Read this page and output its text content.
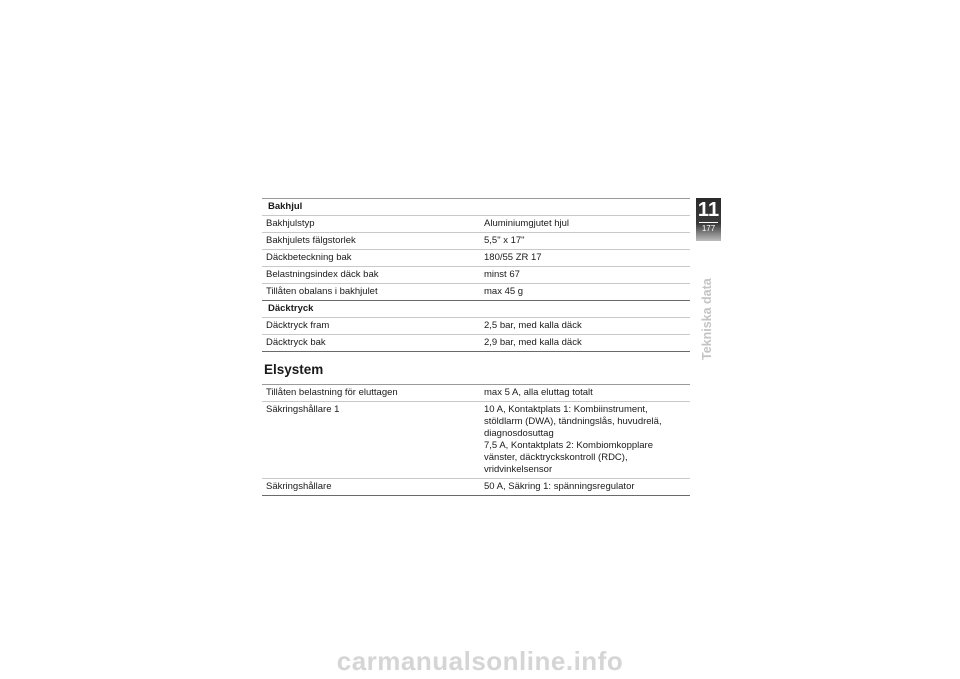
Bakhjul	
Bakhjulstyp	Aluminiumgjutet hjul
Bakhjulets fälgstorlek	5,5" x 17"
Däckbeteckning bak	180/55 ZR 17
Belastningsindex däck bak	minst 67
Tillåten obalans i bakhjulet	max 45 g
Däcktryck	
Däcktryck fram	2,5 bar, med kalla däck
Däcktryck bak	2,9 bar, med kalla däck
Elsystem
Tillåten belastning för eluttagen	max 5 A, alla eluttag totalt
Säkringshållare 1	10 A, Kontaktplats 1: Kombiinstrument, stöldlarm (DWA), tändningslås, huvudrelä, diagnosdosuttag
7,5 A, Kontaktplats 2: Kombiomkopplare vänster, däcktryckskontroll (RDC), vridvinkelsensor
Säkringshållare	50 A, Säkring 1: spänningsregulator
11
177
Tekniska data
carmanualsonline.info
